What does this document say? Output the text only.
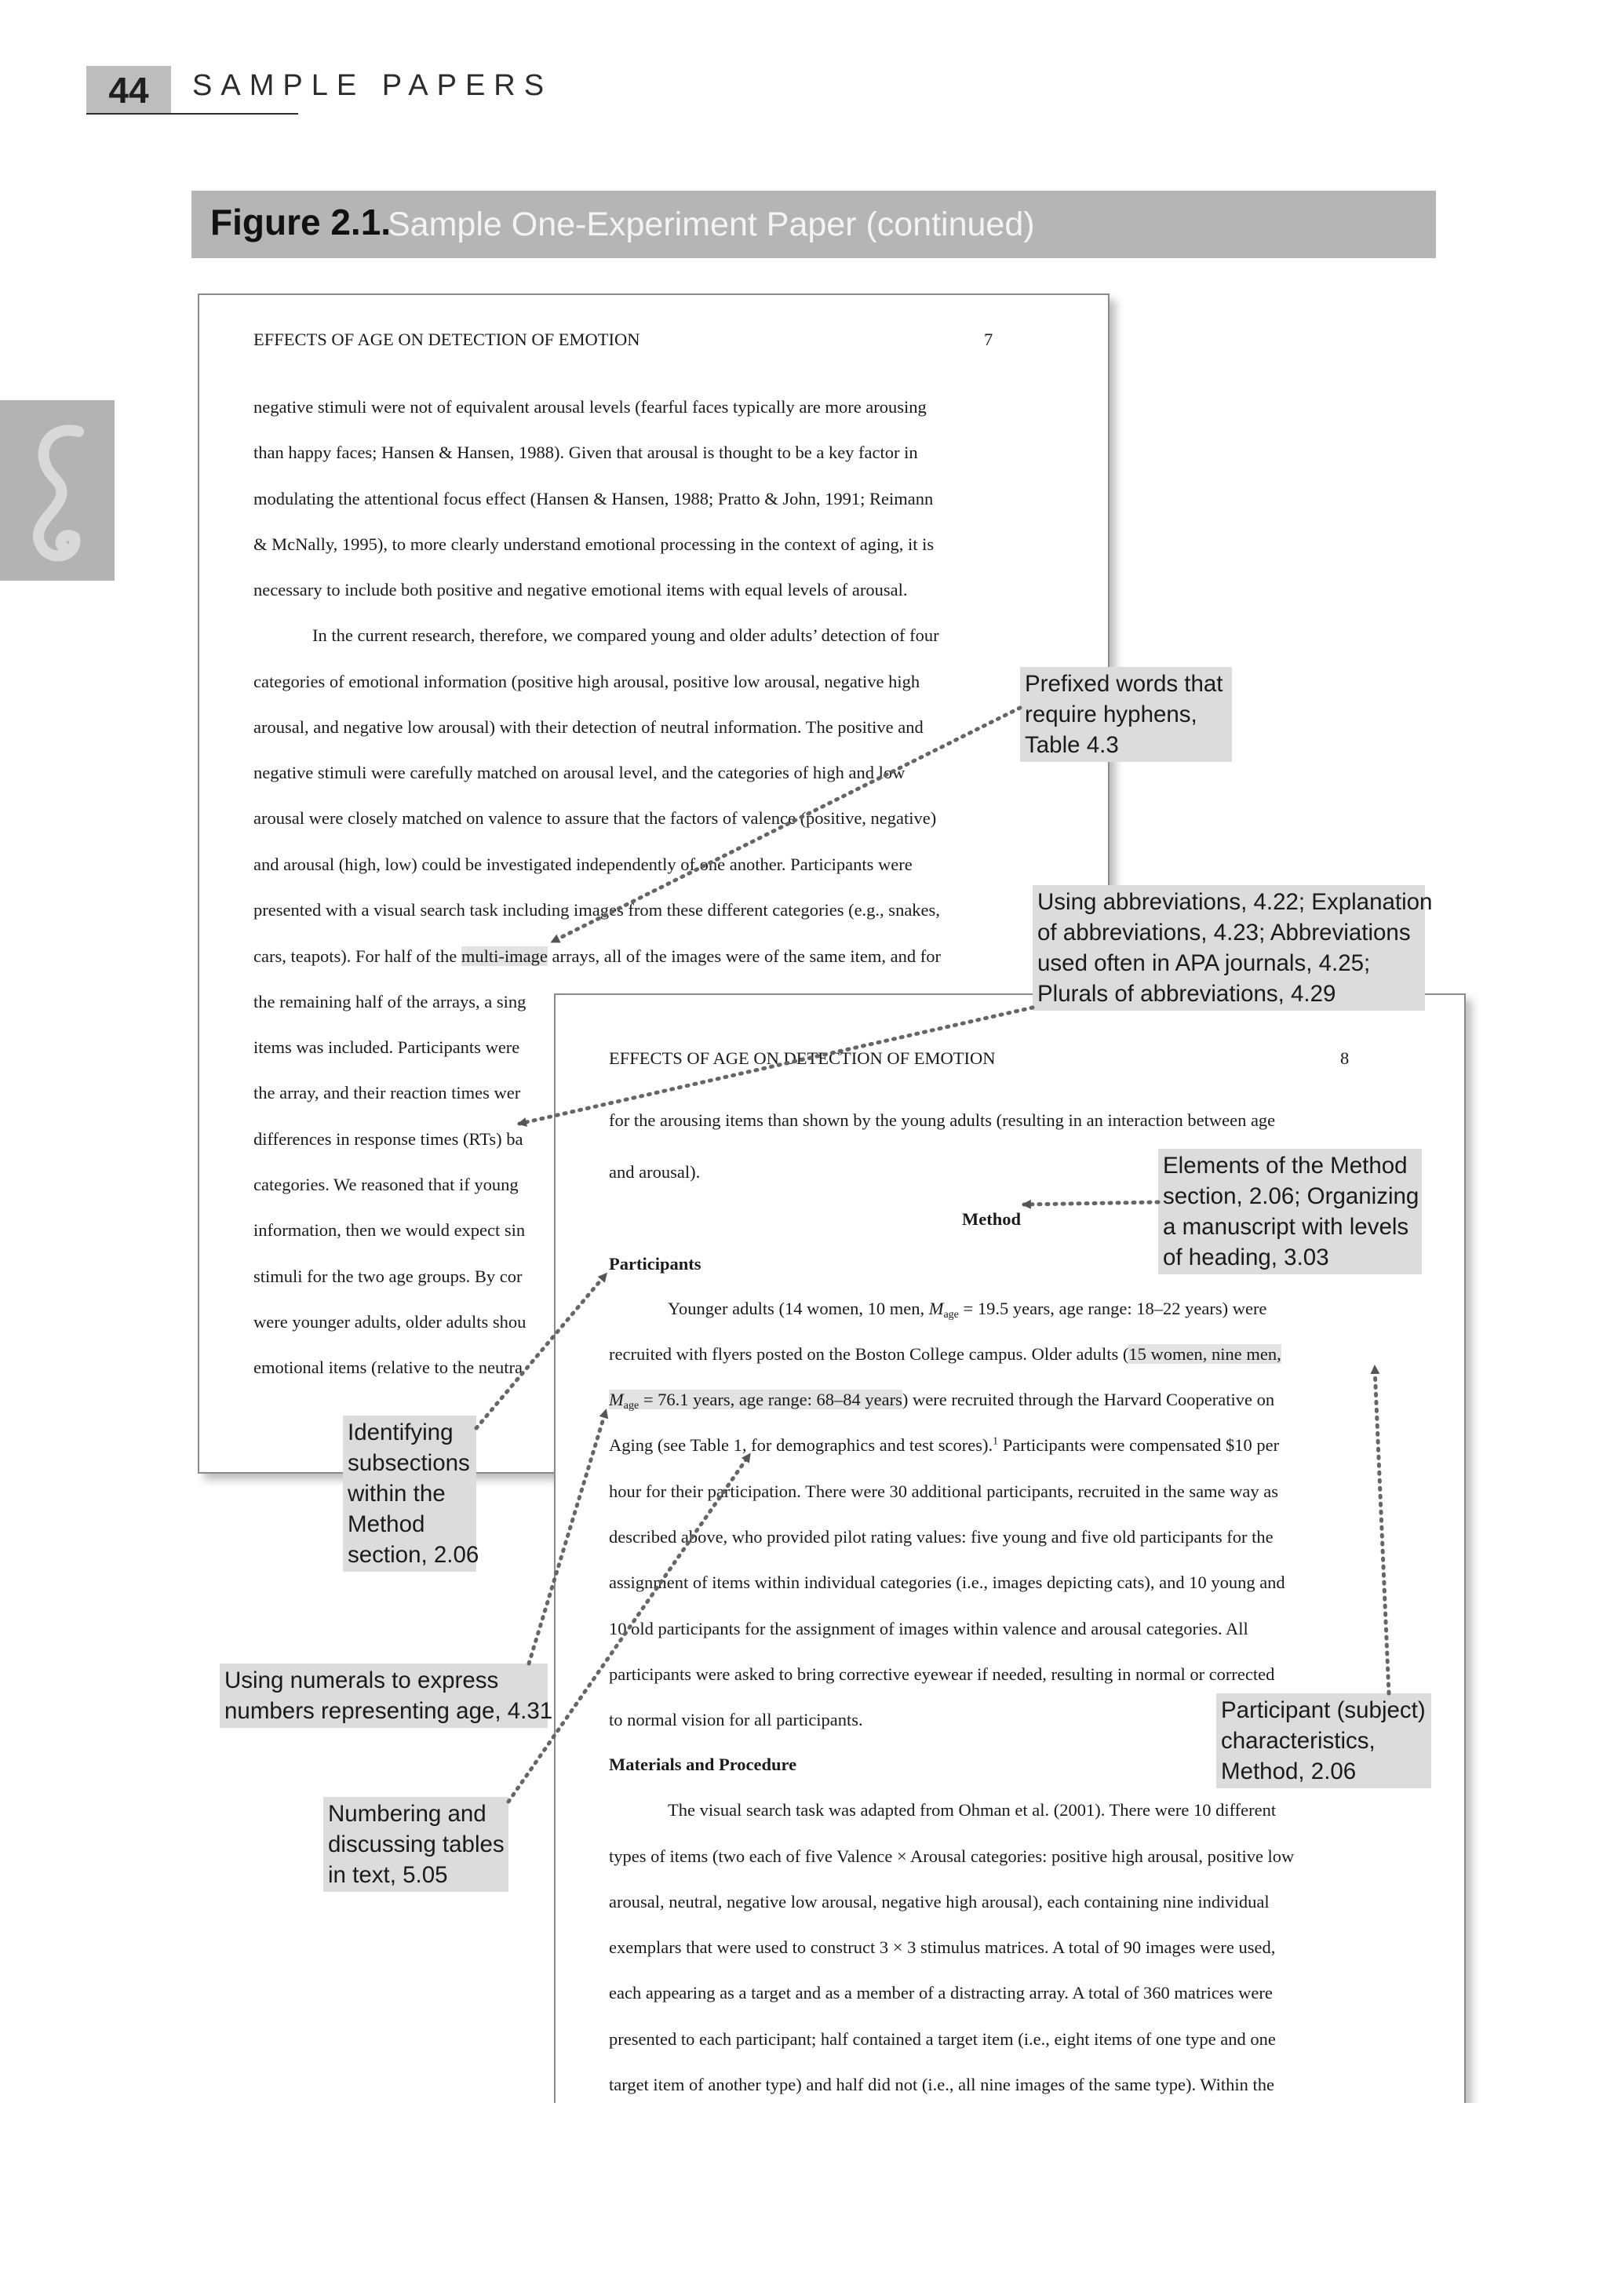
44	SAMPLE PAPERS
Figure 2.1.
Sample One-Experiment Paper (continued)
EFFECTS OF AGE ON DETECTION OF EMOTION	7
negative stimuli were not of equivalent arousal levels (fearful faces typically are more arousing
than happy faces; Hansen & Hansen, 1988). Given that arousal is thought to be a key factor in
modulating the attentional focus effect (Hansen & Hansen, 1988; Pratto & John, 1991; Reimann
& McNally, 1995), to more clearly understand emotional processing in the context of aging, it is
necessary to include both positive and negative emotional items with equal levels of arousal.
In the current research, therefore, we compared young and older adults’ detection of four
categories of emotional information (positive high arousal, positive low arousal, negative high
arousal, and negative low arousal) with their detection of neutral information. The positive and
negative stimuli were carefully matched on arousal level, and the categories of high and low
arousal were closely matched on valence to assure that the factors of valence (positive, negative)
and arousal (high, low) could be investigated independently of one another. Participants were
presented with a visual search task including images from these different categories (e.g., snakes,
cars, teapots). For half of the multi-image arrays, all of the images were of the same item, and for
the remaining half of the arrays, a sing
items was included. Participants were
the array, and their reaction times wer
differences in response times (RTs) ba
categories. We reasoned that if young
information, then we would expect sin
stimuli for the two age groups. By cor
were younger adults, older adults shou
emotional items (relative to the neutra
EFFECTS OF AGE ON DETECTION OF EMOTION	8
for the arousing items than shown by the young adults (resulting in an interaction between age
and arousal).
Method
Participants
Younger adults (14 women, 10 men, $M_{age} = 19.5$ years, age range: 18–22 years) were
recruited with flyers posted on the Boston College campus. Older adults (15 women, nine men,
$M_{age} = 76.1$ years, age range: 68–84 years) were recruited through the Harvard Cooperative on
Aging (see Table 1, for demographics and test scores).$^1$ Participants were compensated $10 per
hour for their participation. There were 30 additional participants, recruited in the same way as
described above, who provided pilot rating values: five young and five old participants for the
assignment of items within individual categories (i.e., images depicting cats), and 10 young and
10 old participants for the assignment of images within valence and arousal categories. All
participants were asked to bring corrective eyewear if needed, resulting in normal or corrected
to normal vision for all participants.
Materials and Procedure
The visual search task was adapted from Ohman et al. (2001). There were 10 different
types of items (two each of five Valence × Arousal categories: positive high arousal, positive low
arousal, neutral, negative low arousal, negative high arousal), each containing nine individual
exemplars that were used to construct 3 × 3 stimulus matrices. A total of 90 images were used,
each appearing as a target and as a member of a distracting array. A total of 360 matrices were
presented to each participant; half contained a target item (i.e., eight items of one type and one
target item of another type) and half did not (i.e., all nine images of the same type). Within the
Prefixed words that
require hyphens,
Table 4.3
Using abbreviations, 4.22; Explanation
of abbreviations, 4.23; Abbreviations
used often in APA journals, 4.25;
Plurals of abbreviations, 4.29
Elements of the Method
section, 2.06; Organizing
a manuscript with levels
of heading, 3.03
Identifying
subsections
within the
Method
section, 2.06
Using numerals to express
numbers representing age, 4.31
Numbering and
discussing tables
in text, 5.05
Participant (subject)
characteristics,
Method, 2.06
